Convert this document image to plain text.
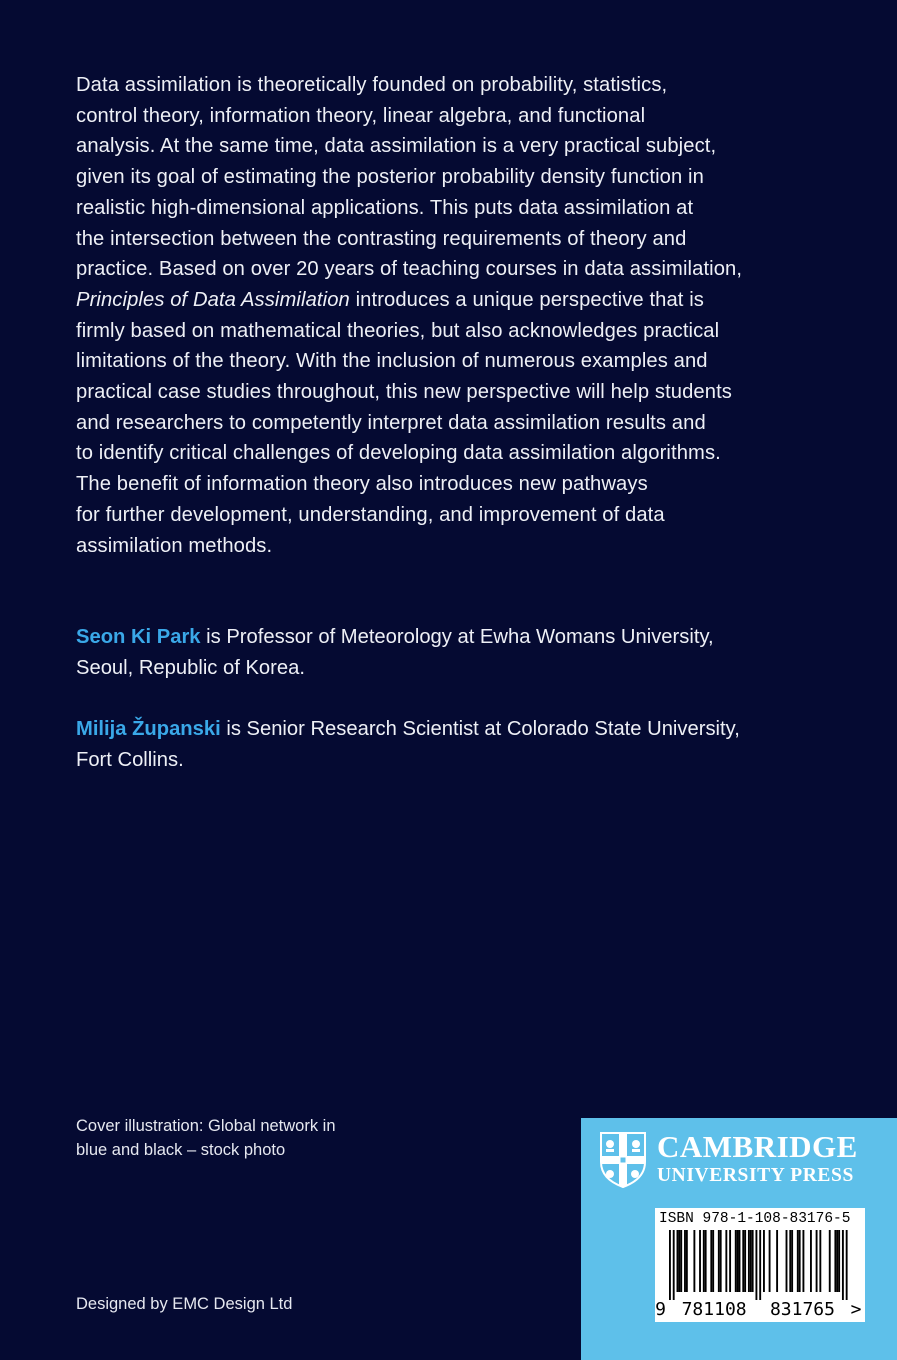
Data assimilation is theoretically founded on probability, statistics,
control theory, information theory, linear algebra, and functional
analysis. At the same time, data assimilation is a very practical subject,
given its goal of estimating the posterior probability density function in
realistic high-dimensional applications. This puts data assimilation at
the intersection between the contrasting requirements of theory and
practice. Based on over 20 years of teaching courses in data assimilation,
Principles of Data Assimilation introduces a unique perspective that is
firmly based on mathematical theories, but also acknowledges practical
limitations of the theory. With the inclusion of numerous examples and
practical case studies throughout, this new perspective will help students
and researchers to competently interpret data assimilation results and
to identify critical challenges of developing data assimilation algorithms.
The benefit of information theory also introduces new pathways
for further development, understanding, and improvement of data
assimilation methods.
Seon Ki Park is Professor of Meteorology at Ewha Womans University,
Seoul, Republic of Korea.
Milija Županski is Senior Research Scientist at Colorado State University,
Fort Collins.
Cover illustration: Global network in
blue and black – stock photo
Designed by EMC Design Ltd
CAMBRIDGE
UNIVERSITY PRESS
ISBN 978-1-108-83176-5
9 781108 831765 >
